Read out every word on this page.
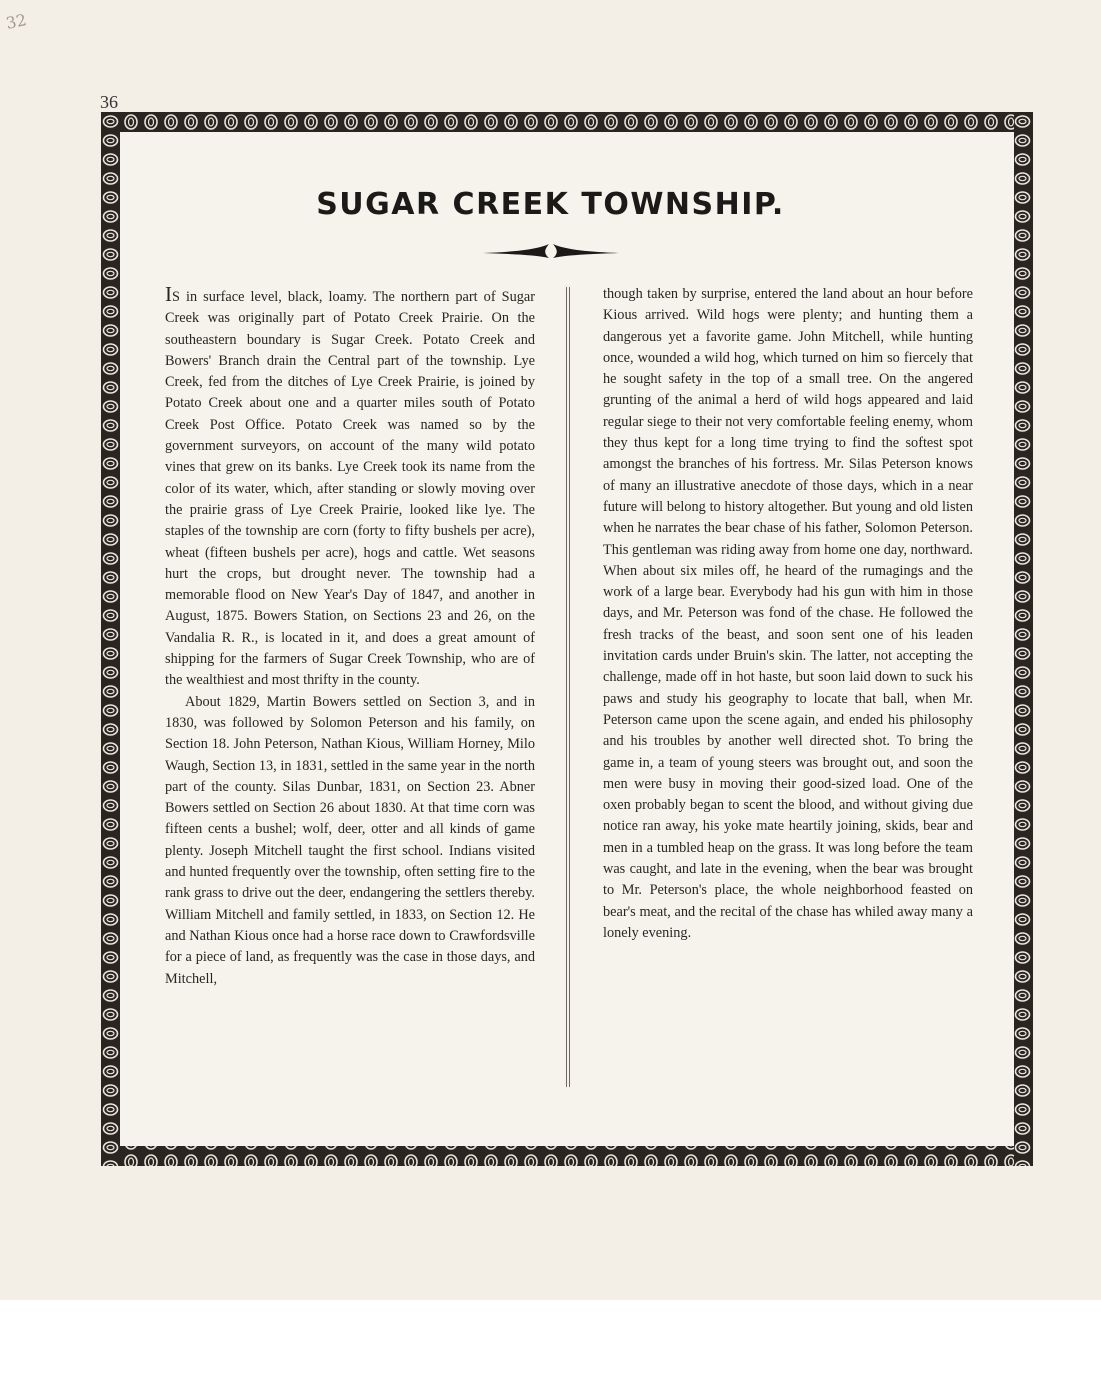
32
36
SUGAR CREEK TOWNSHIP.

IS in surface level, black, loamy. The northern part of Sugar Creek was originally part of Potato Creek Prairie. On the southeastern boundary is Sugar Creek. Potato Creek and Bowers' Branch drain the Central part of the township. Lye Creek, fed from the ditches of Lye Creek Prairie, is joined by Potato Creek about one and a quarter miles south of Potato Creek Post Office. Potato Creek was named so by the government surveyors, on account of the many wild potato vines that grew on its banks. Lye Creek took its name from the color of its water, which, after standing or slowly moving over the prairie grass of Lye Creek Prairie, looked like lye. The staples of the township are corn (forty to fifty bushels per acre), wheat (fifteen bushels per acre), hogs and cattle. Wet seasons hurt the crops, but drought never. The township had a memorable flood on New Year's Day of 1847, and another in August, 1875. Bowers Station, on Sections 23 and 26, on the Vandalia R. R., is located in it, and does a great amount of shipping for the farmers of Sugar Creek Township, who are of the wealthiest and most thrifty in the county.

About 1829, Martin Bowers settled on Section 3, and in 1830, was followed by Solomon Peterson and his family, on Section 18. John Peterson, Nathan Kious, William Horney, Milo Waugh, Section 13, in 1831, settled in the same year in the north part of the county. Silas Dunbar, 1831, on Section 23. Abner Bowers settled on Section 26 about 1830. At that time corn was fifteen cents a bushel; wolf, deer, otter and all kinds of game plenty. Joseph Mitchell taught the first school. Indians visited and hunted frequently over the township, often setting fire to the rank grass to drive out the deer, endangering the settlers thereby. William Mitchell and family settled, in 1833, on Section 12. He and Nathan Kious once had a horse race down to Crawfordsville for a piece of land, as frequently was the case in those days, and Mitchell,

though taken by surprise, entered the land about an hour before Kious arrived. Wild hogs were plenty; and hunting them a dangerous yet a favorite game. John Mitchell, while hunting once, wounded a wild hog, which turned on him so fiercely that he sought safety in the top of a small tree. On the angered grunting of the animal a herd of wild hogs appeared and laid regular siege to their not very comfortable feeling enemy, whom they thus kept for a long time trying to find the softest spot amongst the branches of his fortress. Mr. Silas Peterson knows of many an illustrative anecdote of those days, which in a near future will belong to history altogether. But young and old listen when he narrates the bear chase of his father, Solomon Peterson. This gentleman was riding away from home one day, northward. When about six miles off, he heard of the rumagings and the work of a large bear. Everybody had his gun with him in those days, and Mr. Peterson was fond of the chase. He followed the fresh tracks of the beast, and soon sent one of his leaden invitation cards under Bruin's skin. The latter, not accepting the challenge, made off in hot haste, but soon laid down to suck his paws and study his geography to locate that ball, when Mr. Peterson came upon the scene again, and ended his philosophy and his troubles by another well directed shot. To bring the game in, a team of young steers was brought out, and soon the men were busy in moving their good-sized load. One of the oxen probably began to scent the blood, and without giving due notice ran away, his yoke mate heartily joining, skids, bear and men in a tumbled heap on the grass. It was long before the team was caught, and late in the evening, when the bear was brought to Mr. Peterson's place, the whole neighborhood feasted on bear's meat, and the recital of the chase has whiled away many a lonely evening.
